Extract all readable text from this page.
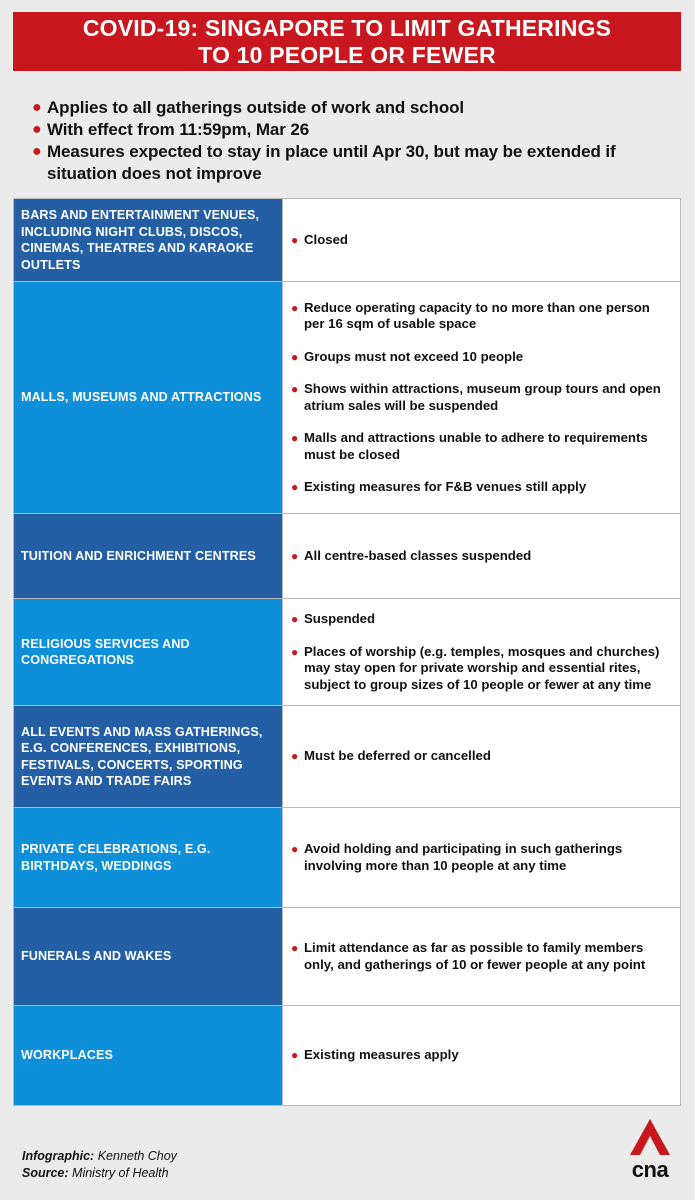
COVID-19: SINGAPORE TO LIMIT GATHERINGS
TO 10 PEOPLE OR FEWER
● Applies to all gatherings outside of work and school
● With effect from 11:59pm, Mar 26
● Measures expected to stay in place until Apr 30, but may be extended if situation does not improve
BARS AND ENTERTAINMENT VENUES, INCLUDING NIGHT CLUBS, DISCOS, CINEMAS, THEATRES AND KARAOKE OUTLETS
● Closed
MALLS, MUSEUMS AND ATTRACTIONS
● Reduce operating capacity to no more than one person per 16 sqm of usable space
● Groups must not exceed 10 people
● Shows within attractions, museum group tours and open atrium sales will be suspended
● Malls and attractions unable to adhere to requirements must be closed
● Existing measures for F&B venues still apply
TUITION AND ENRICHMENT CENTRES	● All centre-based classes suspended
RELIGIOUS SERVICES AND CONGREGATIONS
● Suspended
● Places of worship (e.g. temples, mosques and churches) may stay open for private worship and essential rites, subject to group sizes of 10 people or fewer at any time
ALL EVENTS AND MASS GATHERINGS, E.G. CONFERENCES, EXHIBITIONS, FESTIVALS, CONCERTS, SPORTING EVENTS AND TRADE FAIRS
● Must be deferred or cancelled
PRIVATE CELEBRATIONS, E.G. BIRTHDAYS, WEDDINGS
● Avoid holding and participating in such gatherings involving more than 10 people at any time
FUNERALS AND WAKES
● Limit attendance as far as possible to family members only, and gatherings of 10 or fewer people at any point
WORKPLACES	● Existing measures apply
Infographic: Kenneth Choy
Source: Ministry of Health	cna
